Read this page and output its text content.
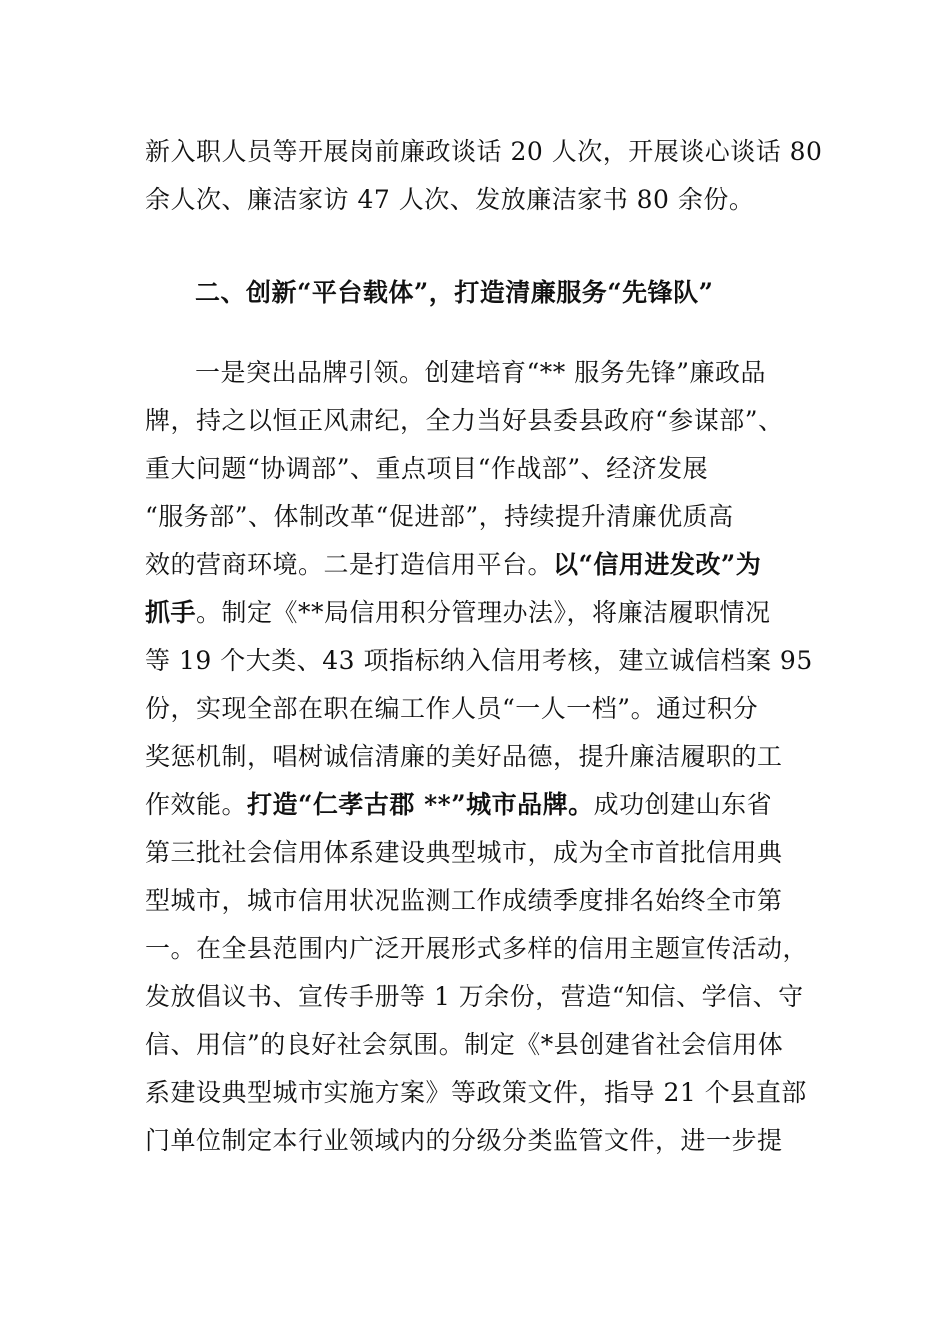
新入职人员等开展岗前廉政谈话 20 人次，开展谈心谈话 80
余人次、廉洁家访 47 人次、发放廉洁家书 80 余份。
二、创新“平台载体”，打造清廉服务“先锋队”
一是突出品牌引领。创建培育“** 服务先锋”廉政品
牌，持之以恒正风肃纪，全力当好县委县政府“参谋部”、
重大问题“协调部”、重点项目“作战部”、经济发展
“服务部”、体制改革“促进部”，持续提升清廉优质高
效的营商环境。二是打造信用平台。以“信用进发改”为
抓手。制定《**局信用积分管理办法》，将廉洁履职情况
等 19 个大类、43 项指标纳入信用考核，建立诚信档案 95
份，实现全部在职在编工作人员“一人一档”。通过积分
奖惩机制，唱树诚信清廉的美好品德，提升廉洁履职的工
作效能。打造“仁孝古郡 **”城市品牌。成功创建山东省
第三批社会信用体系建设典型城市，成为全市首批信用典
型城市，城市信用状况监测工作成绩季度排名始终全市第
一。在全县范围内广泛开展形式多样的信用主题宣传活动，
发放倡议书、宣传手册等 1 万余份，营造“知信、学信、守
信、用信”的良好社会氛围。制定《*县创建省社会信用体
系建设典型城市实施方案》等政策文件，指导 21 个县直部
门单位制定本行业领域内的分级分类监管文件，进一步提
